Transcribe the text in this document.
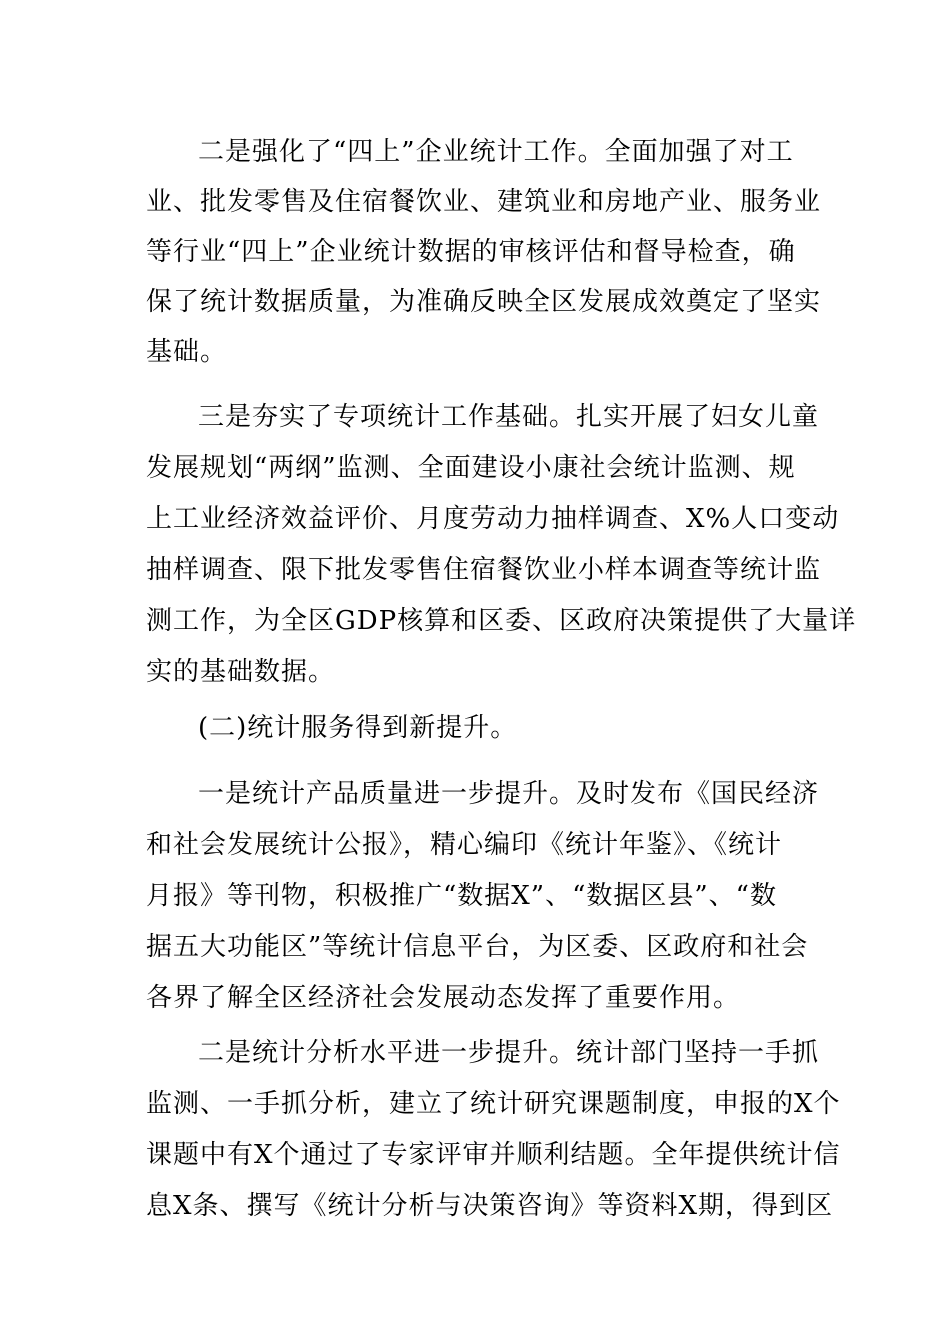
二是强化了“四上”企业统计工作。全面加强了对工
业、批发零售及住宿餐饮业、建筑业和房地产业、服务业
等行业“四上”企业统计数据的审核评估和督导检查，确
保了统计数据质量，为准确反映全区发展成效奠定了坚实
基础。
三是夯实了专项统计工作基础。扎实开展了妇女儿童
发展规划“两纲”监测、全面建设小康社会统计监测、规
上工业经济效益评价、月度劳动力抽样调查、X%人口变动
抽样调查、限下批发零售住宿餐饮业小样本调查等统计监
测工作，为全区GDP核算和区委、区政府决策提供了大量详
实的基础数据。
(二)统计服务得到新提升。
一是统计产品质量进一步提升。及时发布《国民经济
和社会发展统计公报》，精心编印《统计年鉴》、《统计
月报》等刊物，积极推广“数据X”、“数据区县”、“数
据五大功能区”等统计信息平台，为区委、区政府和社会
各界了解全区经济社会发展动态发挥了重要作用。
二是统计分析水平进一步提升。统计部门坚持一手抓
监测、一手抓分析，建立了统计研究课题制度，申报的X个
课题中有X个通过了专家评审并顺利结题。全年提供统计信
息X条、撰写《统计分析与决策咨询》等资料X期，得到区
